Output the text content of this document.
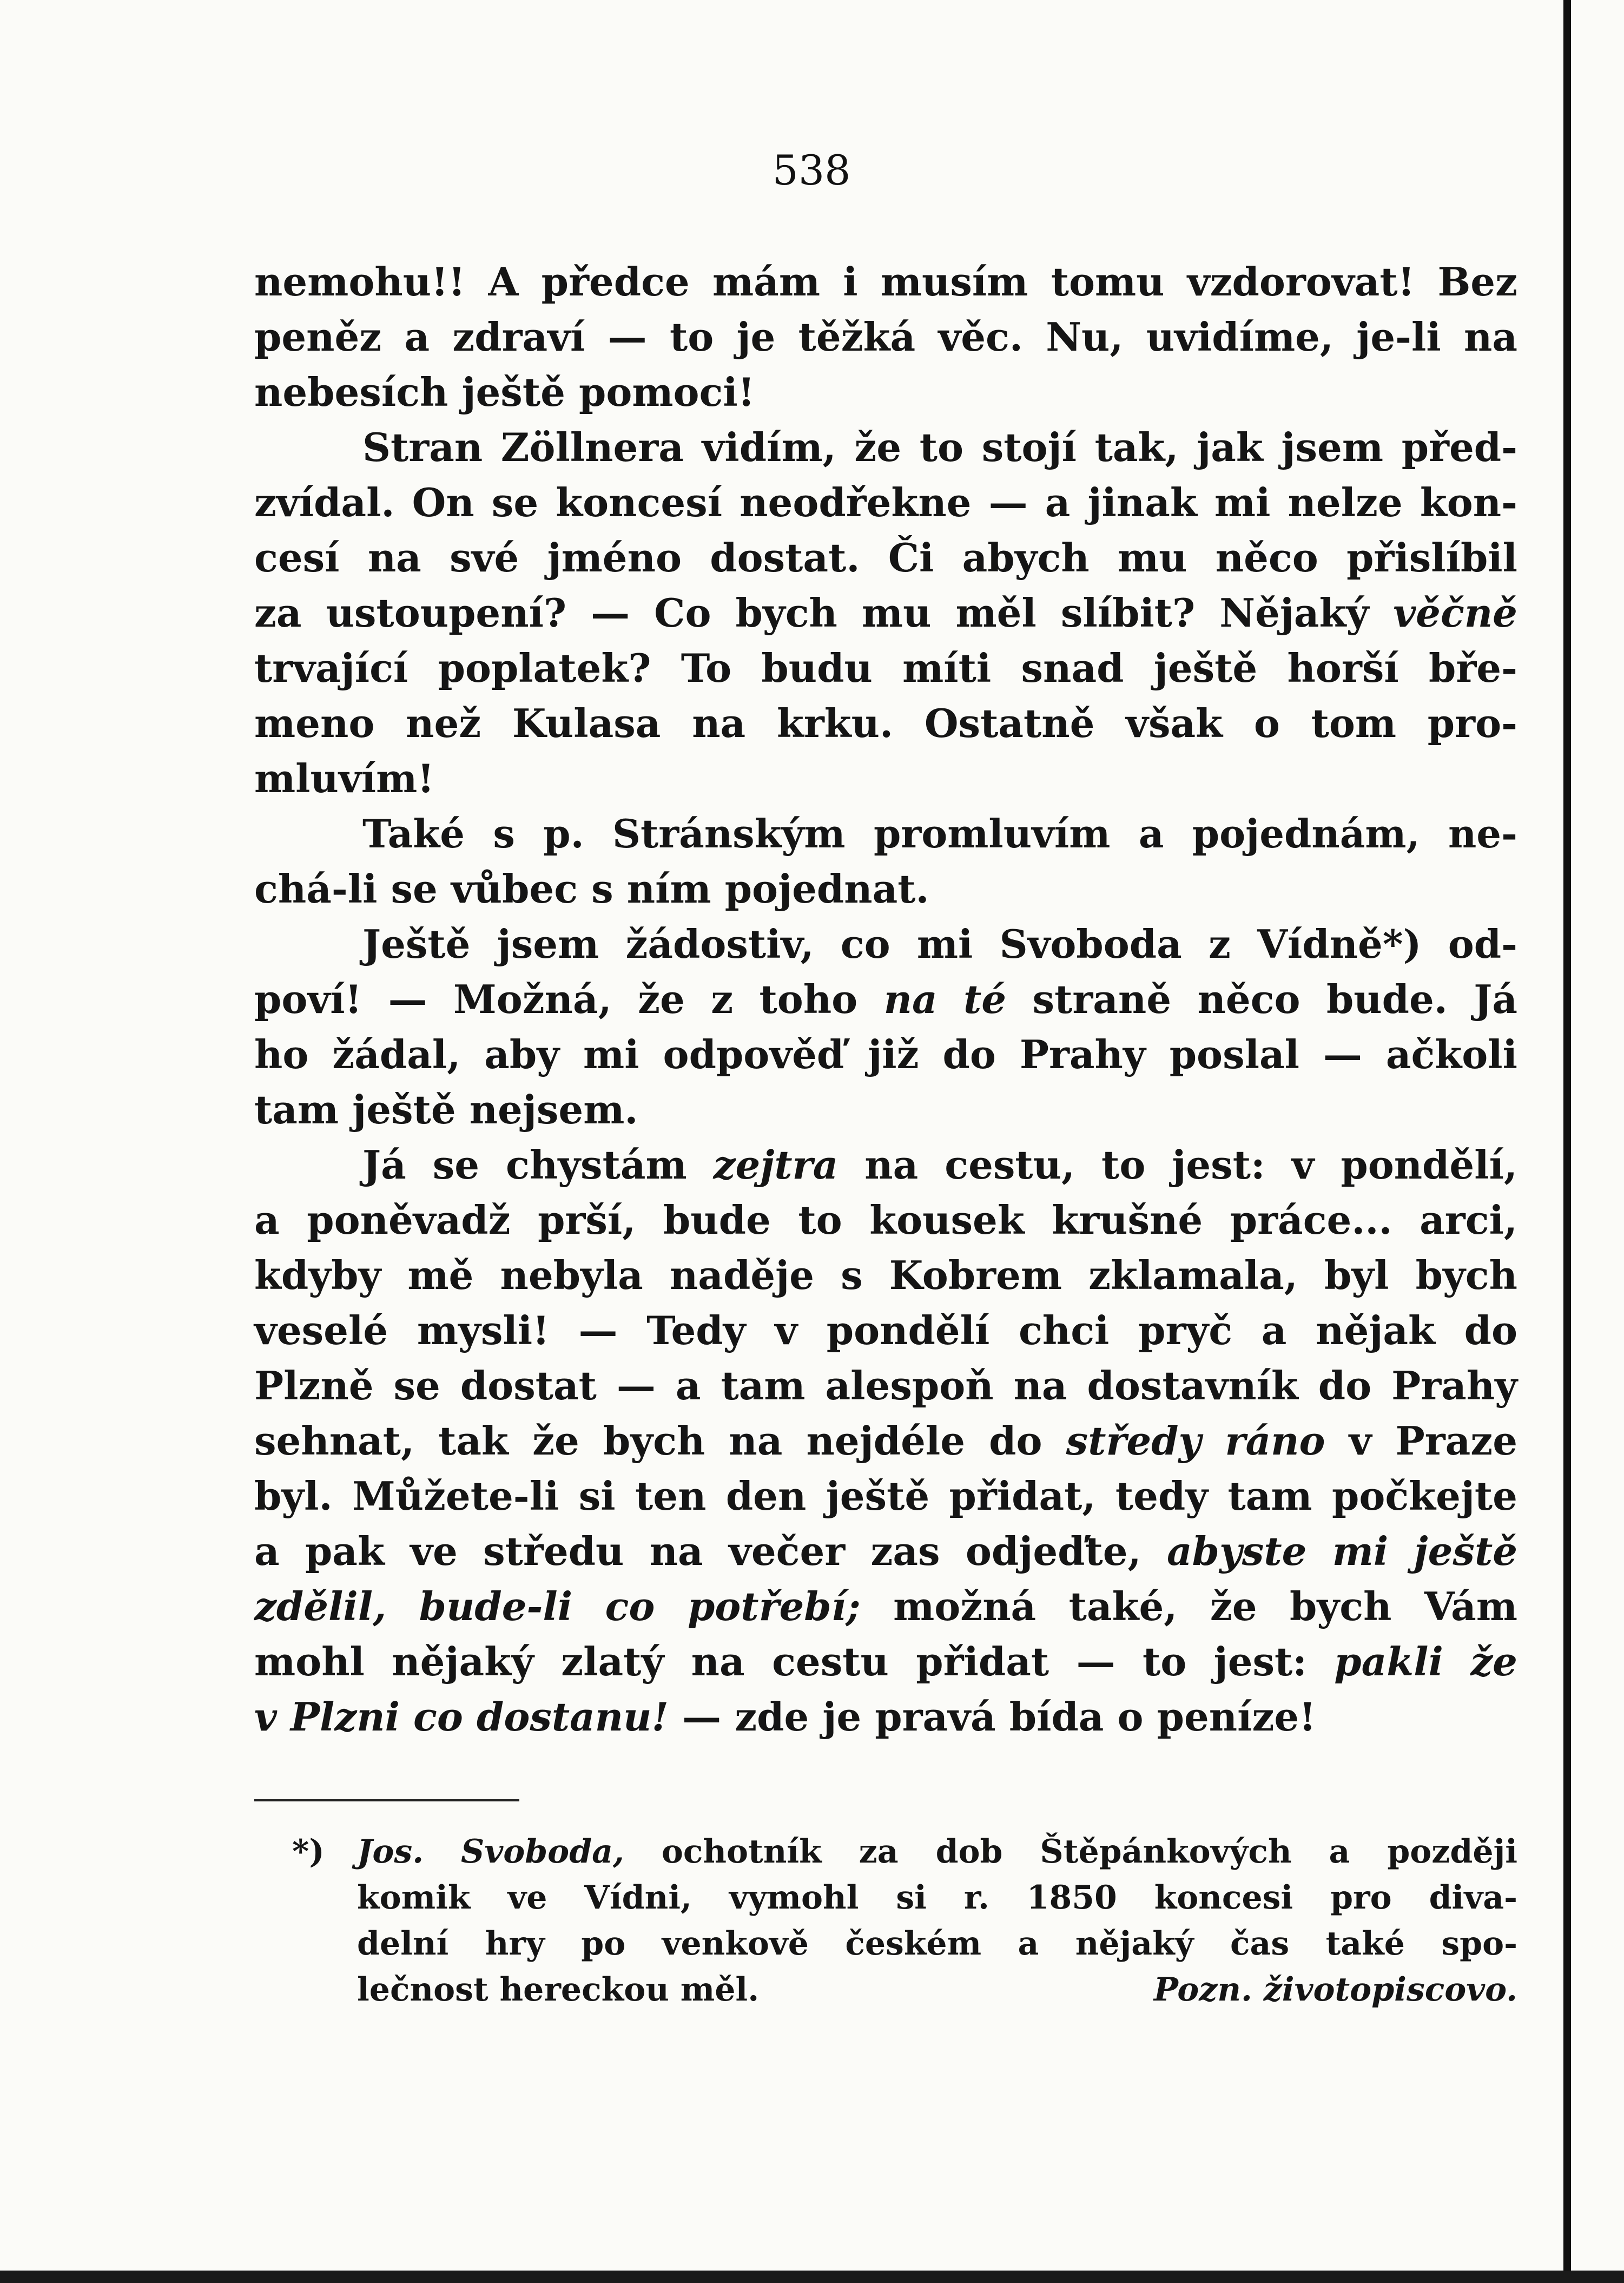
538
nemohu!! A předce mám i musím tomu vzdorovat! Bez
peněz a zdraví — to je těžká věc. Nu, uvidíme, je-li na
nebesích ještě pomoci!
Stran Zöllnera vidím, že to stojí tak, jak jsem před-
zvídal. On se koncesí neodřekne — a jinak mi nelze kon-
cesí na své jméno dostat. Či abych mu něco přislíbil
za ustoupení? — Co bych mu měl slíbit? Nějaký věčně
trvající poplatek? To budu míti snad ještě horší bře-
meno než Kulasa na krku. Ostatně však o tom pro-
mluvím!
Také s p. Stránským promluvím a pojednám, ne-
chá-li se vůbec s ním pojednat.
Ještě jsem žádostiv, co mi Svoboda z Vídně*) od-
poví! — Možná, že z toho na té straně něco bude. Já
ho žádal, aby mi odpověď již do Prahy poslal — ačkoli
tam ještě nejsem.
Já se chystám zejtra na cestu, to jest: v pondělí,
a poněvadž prší, bude to kousek krušné práce... arci,
kdyby mě nebyla naděje s Kobrem zklamala, byl bych
veselé mysli! — Tedy v pondělí chci pryč a nějak do
Plzně se dostat — a tam alespoň na dostavník do Prahy
sehnat, tak že bych na nejdéle do středy ráno v Praze
byl. Můžete-li si ten den ještě přidat, tedy tam počkejte
a pak ve středu na večer zas odjeďte, abyste mi ještě
zdělil, bude-li co potřebí; možná také, že bych Vám
mohl nějaký zlatý na cestu přidat — to jest: pakli že
v Plzni co dostanu! — zde je pravá bída o peníze!
*) Jos. Svoboda, ochotník za dob Štěpánkových a později
komik ve Vídni, vymohl si r. 1850 koncesi pro diva-
delní hry po venkově českém a nějaký čas také spo-
lečnost hereckou měl.	Pozn. životopiscovo.
